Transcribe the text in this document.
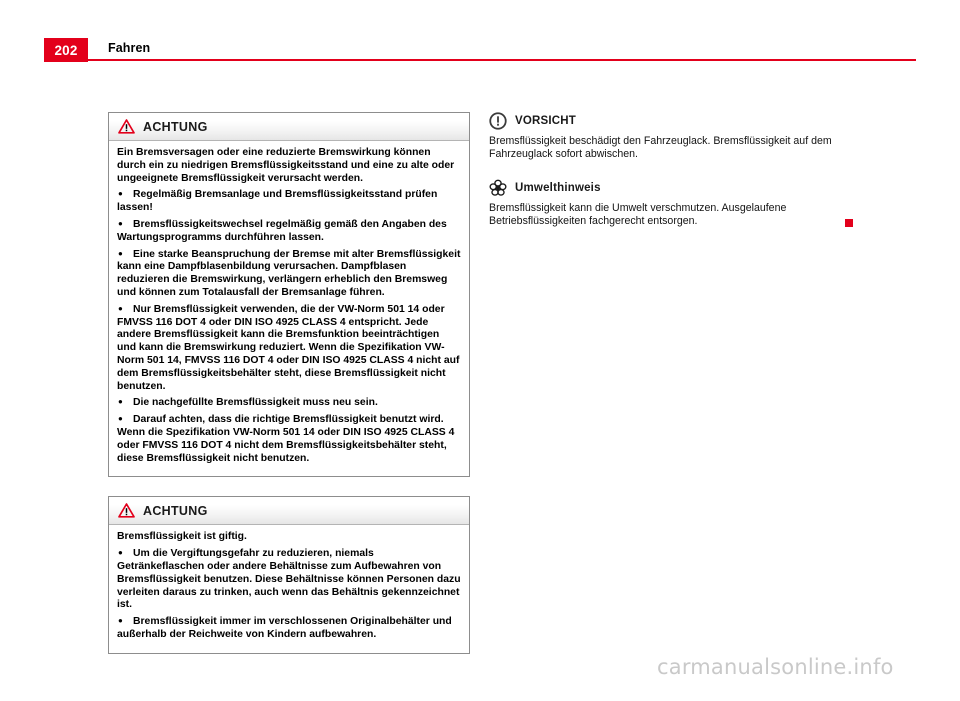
202	Fahren
ACHTUNG

Ein Bremsversagen oder eine reduzierte Bremswirkung können durch ein zu niedrigen Bremsflüssigkeitsstand und eine zu alte oder ungeeignete Bremsflüssigkeit verursacht werden.

●Regelmäßig Bremsanlage und Bremsflüssigkeitsstand prüfen lassen!

●Bremsflüssigkeitswechsel regelmäßig gemäß den Angaben des Wartungsprogramms durchführen lassen.

●Eine starke Beanspruchung der Bremse mit alter Bremsflüssigkeit kann eine Dampfblasenbildung verursachen. Dampfblasen reduzieren die Bremswirkung, verlängern erheblich den Bremsweg und können zum Totalausfall der Bremsanlage führen.

●Nur Bremsflüssigkeit verwenden, die der VW-Norm 501 14 oder FMVSS 116 DOT 4 oder DIN ISO 4925 CLASS 4 entspricht. Jede andere Bremsflüssigkeit kann die Bremsfunktion beeinträchtigen und kann die Bremswirkung reduziert. Wenn die Spezifikation VW-Norm 501 14, FMVSS 116 DOT 4 oder DIN ISO 4925 CLASS 4 nicht auf dem Bremsflüssigkeitsbehälter steht, diese Bremsflüssigkeit nicht benutzen.

●Die nachgefüllte Bremsflüssigkeit muss neu sein.

●Darauf achten, dass die richtige Bremsflüssigkeit benutzt wird. Wenn die Spezifikation VW-Norm 501 14 oder DIN ISO 4925 CLASS 4 oder FMVSS 116 DOT 4 nicht dem Bremsflüssigkeitsbehälter steht, diese Bremsflüssigkeit nicht benutzen.

ACHTUNG

Bremsflüssigkeit ist giftig.

●Um die Vergiftungsgefahr zu reduzieren, niemals Getränkeflaschen oder andere Behältnisse zum Aufbewahren von Bremsflüssigkeit benutzen. Diese Behältnisse können Personen dazu verleiten daraus zu trinken, auch wenn das Behältnis gekennzeichnet ist.

●Bremsflüssigkeit immer im verschlossenen Originalbehälter und außerhalb der Reichweite von Kindern aufbewahren.

VORSICHT

Bremsflüssigkeit beschädigt den Fahrzeuglack. Bremsflüssigkeit auf dem Fahrzeuglack sofort abwischen.

Umwelthinweis

Bremsflüssigkeit kann die Umwelt verschmutzen. Ausgelaufene Betriebsflüssigkeiten fachgerecht entsorgen.

carmanualsonline.info
